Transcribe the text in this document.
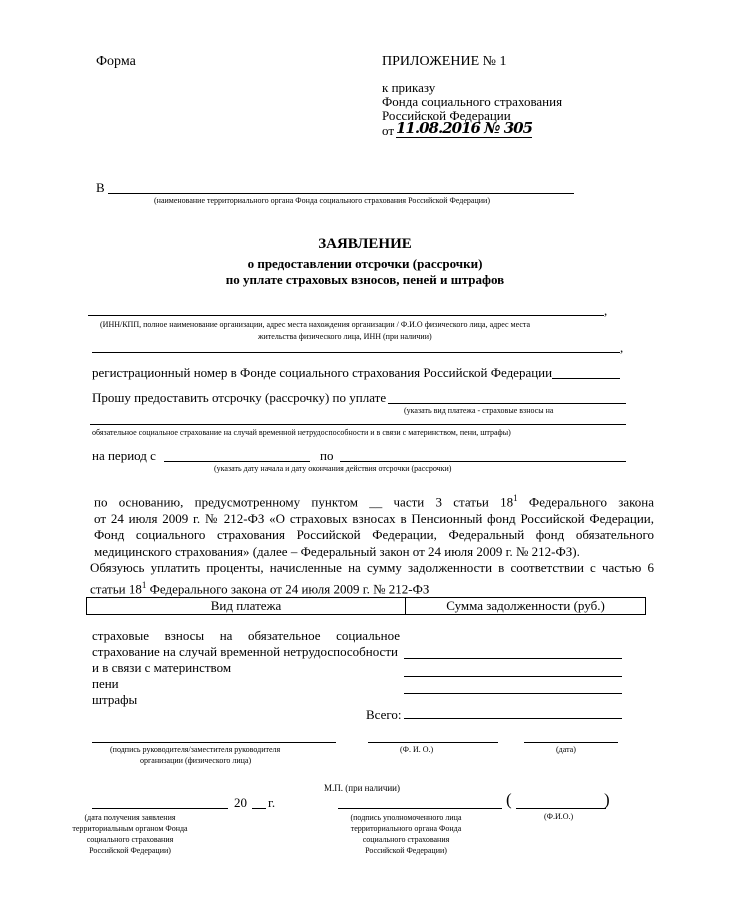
Форма	ПРИЛОЖЕНИЕ № 1
к приказу
Фонда социального страхования
Российской Федерации
от 11.08.2016 № 305
В
(наименование территориального органа Фонда социального страхования Российской Федерации)
ЗАЯВЛЕНИЕ
о предоставлении отсрочки (рассрочки)
по уплате страховых взносов, пеней и штрафов
,
(ИНН/КПП, полное наименование организации, адрес места нахождения организации / Ф.И.О физического лица, адрес места
жительства физического лица, ИНН (при наличии)
,
регистрационный номер в Фонде социального страхования Российской Федерации
Прошу предоставить отсрочку (рассрочку) по уплате
(указать вид платежа - страховые взносы на
обязательное социальное страхование на случай временной нетрудоспособности и в связи с материнством, пени, штрафы)
на период с	по
(указать дату начала и дату окончания действия отсрочки (рассрочки)
по основанию, предусмотренному пунктом __ части 3 статьи $18^1$ Федерального закона
от 24 июля 2009 г. № 212-ФЗ «О страховых взносах в Пенсионный фонд Российской Федерации,
Фонд социального страхования Российской Федерации, Федеральный фонд обязательного
медицинского страхования» (далее – Федеральный закон от 24 июля 2009 г. № 212-ФЗ).
Обязуюсь уплатить проценты, начисленные на сумму задолженности в соответствии с частью 6
статьи $18^1$ Федерального закона от 24 июля 2009 г. № 212-ФЗ
Вид платежа	Сумма задолженности (руб.)
страховые взносы на обязательное социальное
страхование на случай временной нетрудоспособности
и в связи с материнством
пени
штрафы
Всего:
(подпись руководителя/заместителя руководителя
организации (физического лица)
(Ф. И. О.)	(дата)
М.П. (при наличии)
20 г.	(	)
(дата получения заявления
территориальным органом Фонда
социального страхования
Российской Федерации)
(подпись уполномоченного лица
территориального органа Фонда
социального страхования
Российской Федерации)
(Ф.И.О.)
